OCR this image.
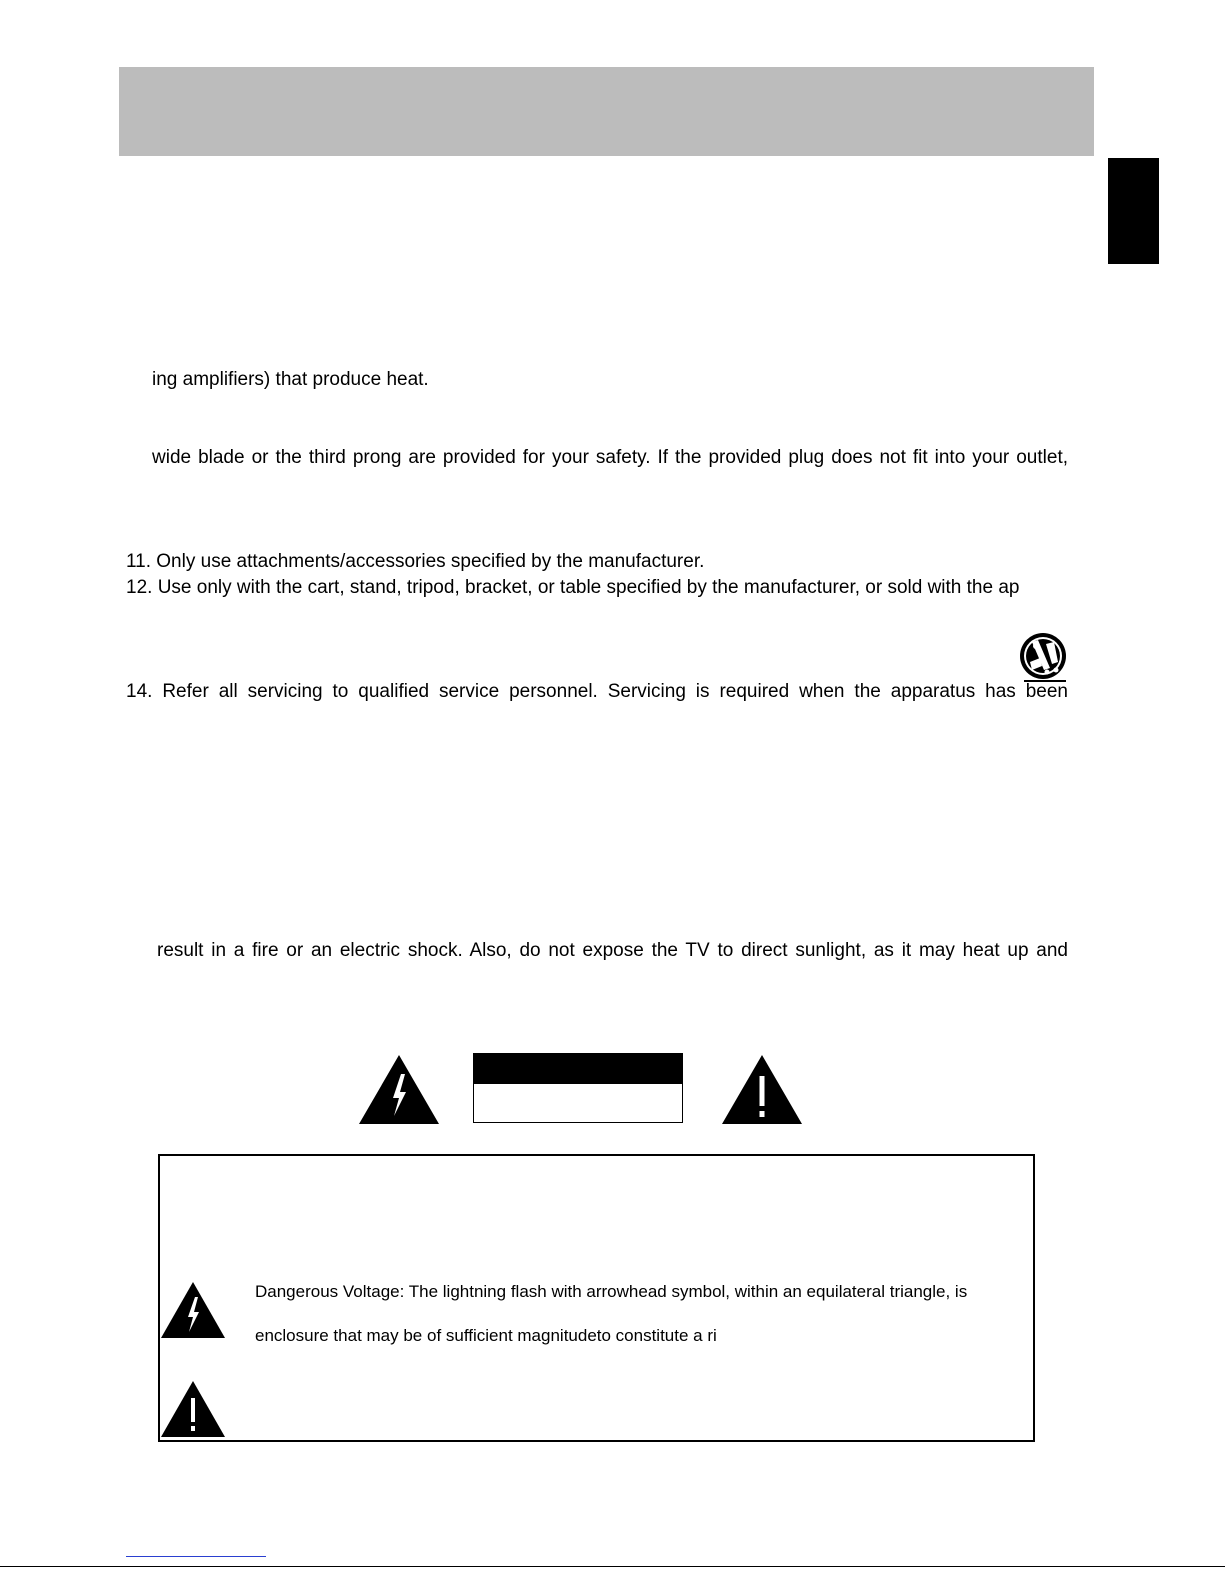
ing amplifiers) that produce heat.
wide blade or the third prong are provided for your safety. If the provided plug does not fit into your outlet,
11. Only use attachments/accessories specified by the manufacturer.
12. Use only with the cart, stand, tripod, bracket, or table specified by the manufacturer, or sold with the ap
14. Refer all servicing to qualified service personnel. Servicing is required when the apparatus has been
result in a fire or an electric shock. Also, do not expose the TV to direct sunlight, as it may heat up and
Dangerous Voltage: The lightning flash with arrowhead symbol, within an equilateral triangle, is
enclosure that may be of sufficient magnitudeto constitute a ri
